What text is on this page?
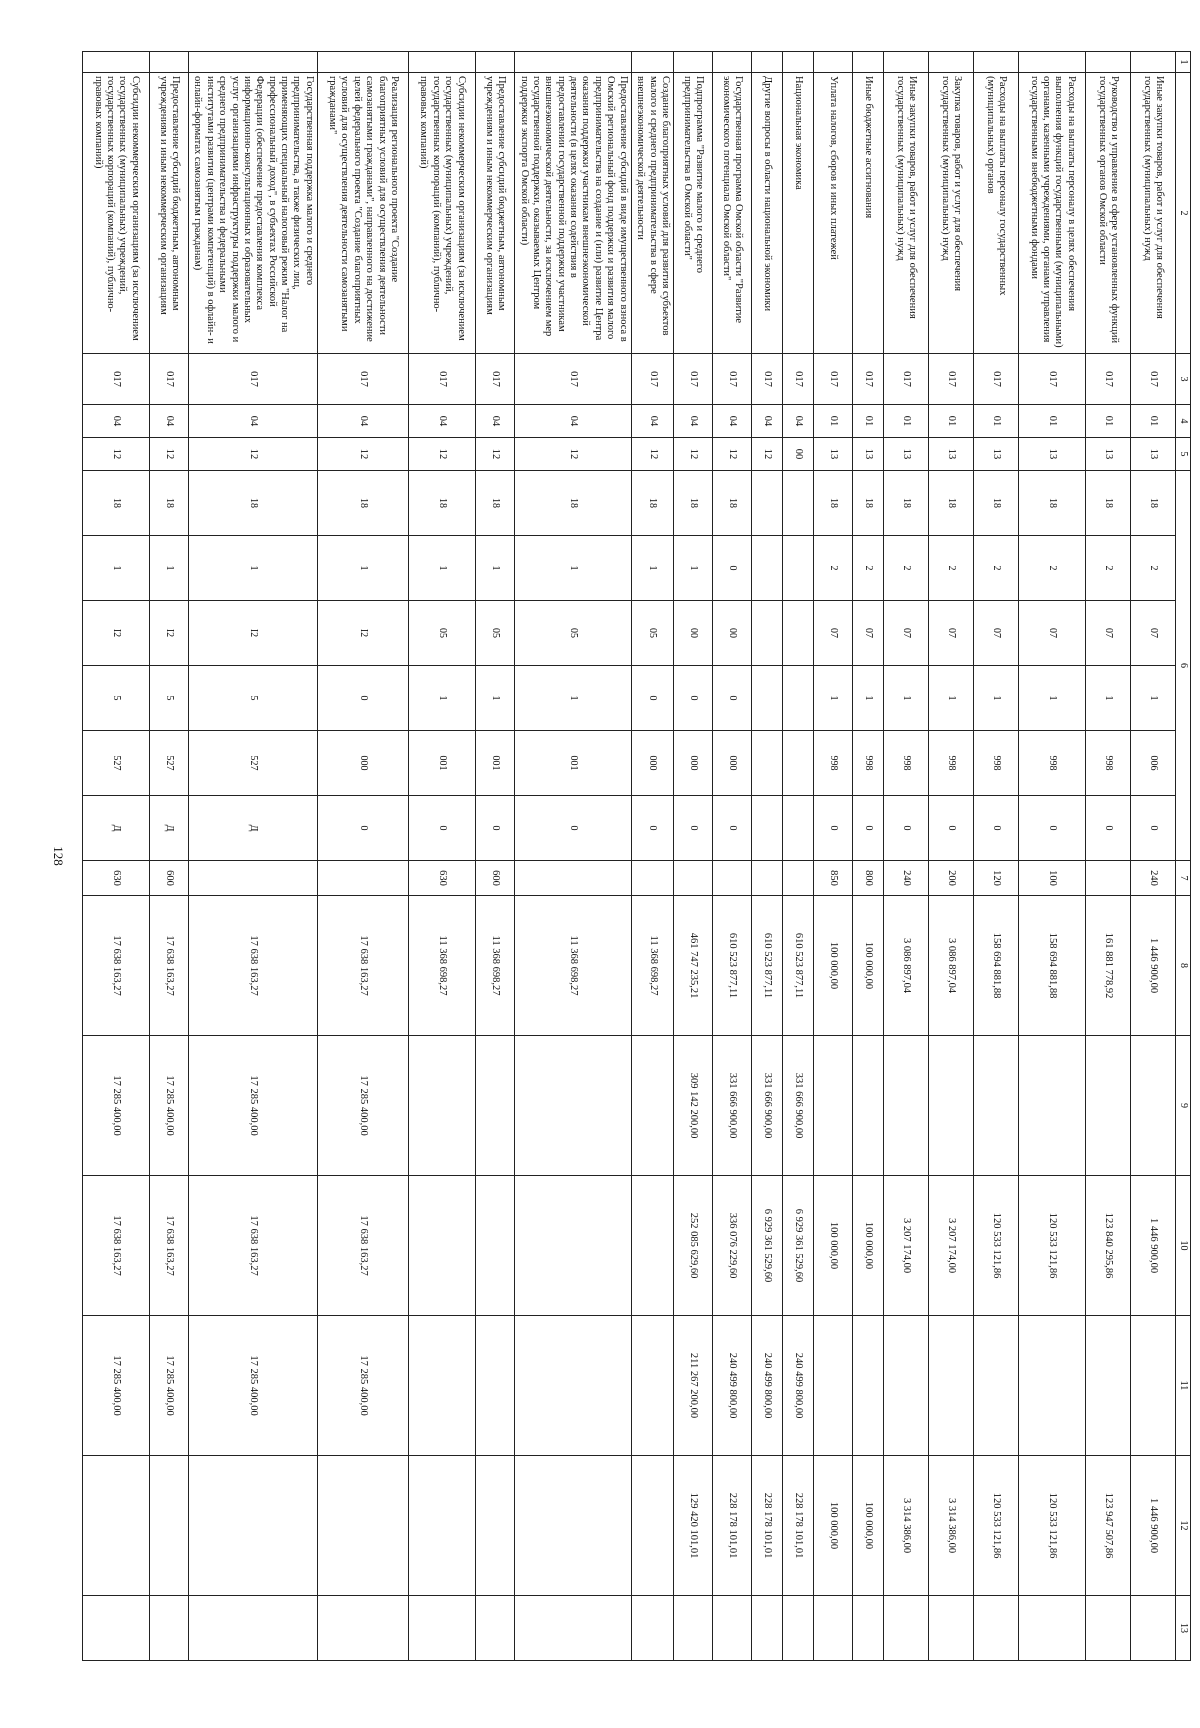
128
1	2	3	4	5	6						7	8	9	10	11	12	13
	Иные закупки товаров, работ и услуг для обеспечения государственных (муниципальных) нужд	017	01	13	18	2	07	1	006	0	240	1 446 900,00		1 446 900,00		1 446 900,00	
	Руководство и управление в сфере установленных функций государственных органов Омской области	017	01	13	18	2	07	1	998	0		161 881 778,92		123 840 295,86		123 947 507,86	
	Расходы на выплаты персоналу в целях обеспечения выполнения функций государственными (муниципальными) органами, казенными учреждениями, органами управления государственными внебюджетными фондами	017	01	13	18	2	07	1	998	0	100	158 694 881,88		120 533 121,86		120 533 121,86	
	Расходы на выплаты персоналу государственных (муниципальных) органов	017	01	13	18	2	07	1	998	0	120	158 694 881,88		120 533 121,86		120 533 121,86	
	Закупка товаров, работ и услуг для обеспечения государственных (муниципальных) нужд	017	01	13	18	2	07	1	998	0	200	3 086 897,04		3 207 174,00		3 314 386,00	
	Иные закупки товаров, работ и услуг для обеспечения государственных (муниципальных) нужд	017	01	13	18	2	07	1	998	0	240	3 086 897,04		3 207 174,00		3 314 386,00	
	Иные бюджетные ассигнования	017	01	13	18	2	07	1	998	0	800	100 000,00		100 000,00		100 000,00	
	Уплата налогов, сборов и иных платежей	017	01	13	18	2	07	1	998	0	850	100 000,00		100 000,00		100 000,00	
	Национальная экономика	017	04	00								610 523 877,11	331 666 900,00	6 929 361 529,60	240 499 800,00	228 178 101,01	
	Другие вопросы в области национальной экономики	017	04	12								610 523 877,11	331 666 900,00	6 929 361 529,60	240 499 800,00	228 178 101,01	
	Государственная программа Омской области "Развитие экономического потенциала Омской области"	017	04	12	18	0	00	0	000	0		610 523 877,11	331 666 900,00	336 076 229,60	240 499 800,00	228 178 101,01	
	Подпрограмма "Развитие малого и среднего предпринимательства в Омской области"	017	04	12	18	1	00	0	000	0		461 747 235,21	309 142 200,00	252 085 629,60	211 267 200,00	129 420 101,01	
	Создание благоприятных условий для развития субъектов малого и среднего предпринимательства в сфере внешнеэкономической деятельности	017	04	12	18	1	05	0	000	0		11 368 698,27					
	Предоставление субсидий в виде имущественного взноса в Омский региональный фонд поддержки и развития малого предпринимательства на создание и (или) развитие Центра оказания поддержки участникам внешнеэкономической деятельности (в целях оказания содействия в предоставлении государственной поддержки участникам внешнеэкономической деятельности, за исключением мер государственной поддержки, оказываемых Центром поддержки экспорта Омской области)	017	04	12	18	1	05	1	001	0		11 368 698,27					
	Предоставление субсидий бюджетным, автономным учреждениям и иным некоммерческим организациям	017	04	12	18	1	05	1	001	0	600	11 368 698,27					
	Субсидии некоммерческим организациям (за исключением государственных (муниципальных) учреждений, государственных корпораций (компаний), публично-правовых компаний)	017	04	12	18	1	05	1	001	0	630	11 368 698,27					
	Реализация регионального проекта "Создание благоприятных условий для осуществления деятельности самозанятыми гражданами", направленного на достижение целей федерального проекта "Создание благоприятных условий для осуществления деятельности самозанятыми гражданами"	017	04	12	18	1	I2	0	000	0		17 638 163,27	17 285 400,00	17 638 163,27	17 285 400,00		
	Государственная поддержка малого и среднего предпринимательства, а также физических лиц, применяющих специальный налоговый режим "Налог на профессиональный доход", в субъектах Российской Федерации (обеспечение предоставления комплекса информационно-консультационных и образовательных услуг организациями инфраструктуры поддержки малого и среднего предпринимательства и федеральными институтами развития (центрами компетенций) в офлайн- и онлайн-форматах самозанятым гражданам)	017	04	12	18	1	I2	5	527	Д		17 638 163,27	17 285 400,00	17 638 163,27	17 285 400,00		
	Предоставление субсидий бюджетным, автономным учреждениям и иным некоммерческим организациям	017	04	12	18	1	I2	5	527	Д	600	17 638 163,27	17 285 400,00	17 638 163,27	17 285 400,00		
	Субсидии некоммерческим организациям (за исключением государственных (муниципальных) учреждений, государственных корпораций (компаний), публично-правовых компаний)	017	04	12	18	1	I2	5	527	Д	630	17 638 163,27	17 285 400,00	17 638 163,27	17 285 400,00		
